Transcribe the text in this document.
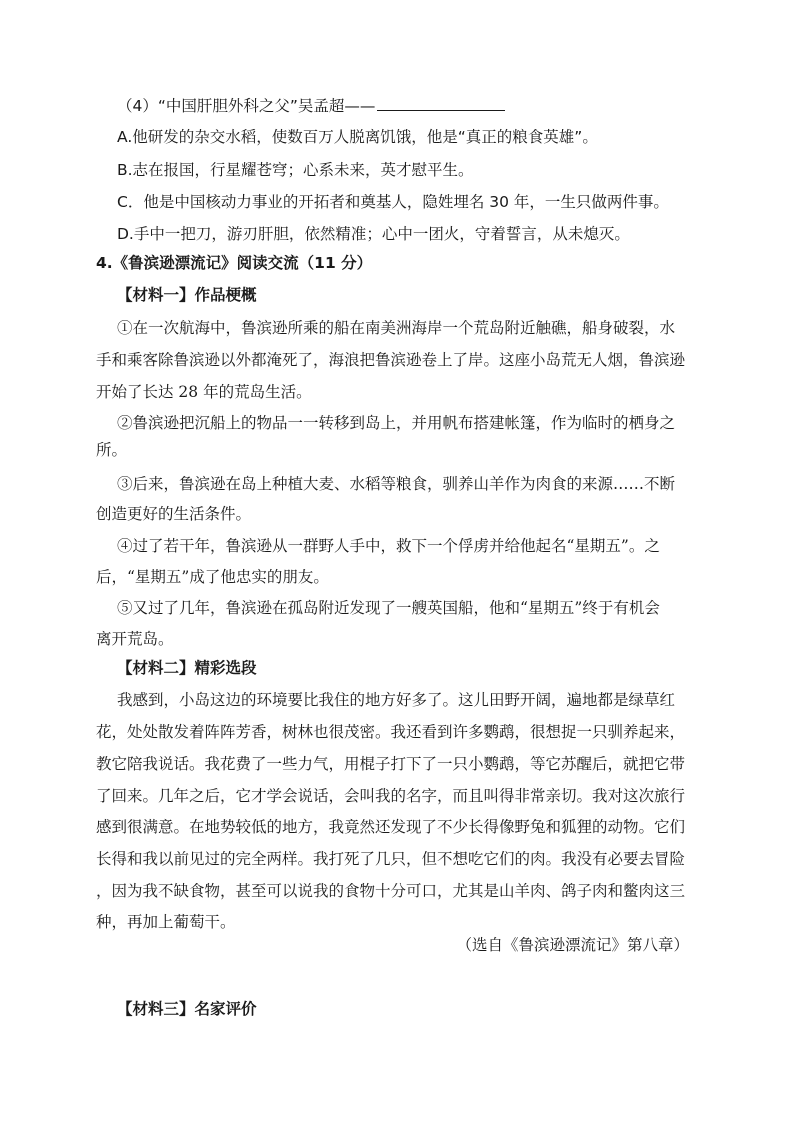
（4）“中国肝胆外科之父”吴孟超——
A.他研发的杂交水稻，使数百万人脱离饥饿，他是“真正的粮食英雄”。
B.志在报国，行星耀苍穹；心系未来，英才慰平生。
C．他是中国核动力事业的开拓者和奠基人，隐姓埋名 30 年，一生只做两件事。
D.手中一把刀，游刃肝胆，依然精准；心中一团火，守着誓言，从未熄灭。
4.《鲁滨逊漂流记》阅读交流（11 分）
【材料一】作品梗概
①在一次航海中，鲁滨逊所乘的船在南美洲海岸一个荒岛附近触礁，船身破裂，水
手和乘客除鲁滨逊以外都淹死了，海浪把鲁滨逊卷上了岸。这座小岛荒无人烟，鲁滨逊
开始了长达 28 年的荒岛生活。
②鲁滨逊把沉船上的物品一一转移到岛上，并用帆布搭建帐篷，作为临时的栖身之
所。
③后来，鲁滨逊在岛上种植大麦、水稻等粮食，驯养山羊作为肉食的来源……不断
创造更好的生活条件。
④过了若干年，鲁滨逊从一群野人手中，救下一个俘虏并给他起名“星期五”。之
后，“星期五”成了他忠实的朋友。
⑤又过了几年，鲁滨逊在孤岛附近发现了一艘英国船，他和“星期五”终于有机会
离开荒岛。
【材料二】精彩选段
我感到，小岛这边的环境要比我住的地方好多了。这儿田野开阔，遍地都是绿草红
花，处处散发着阵阵芳香，树林也很茂密。我还看到许多鹦鹉，很想捉一只驯养起来，
教它陪我说话。我花费了一些力气，用棍子打下了一只小鹦鹉，等它苏醒后，就把它带
了回来。几年之后，它才学会说话，会叫我的名字，而且叫得非常亲切。我对这次旅行
感到很满意。在地势较低的地方，我竟然还发现了不少长得像野兔和狐狸的动物。它们
长得和我以前见过的完全两样。我打死了几只，但不想吃它们的肉。我没有必要去冒险
，因为我不缺食物，甚至可以说我的食物十分可口，尤其是山羊肉、鸽子肉和鳖肉这三
种，再加上葡萄干。
（选自《鲁滨逊漂流记》第八章）
【材料三】名家评价
